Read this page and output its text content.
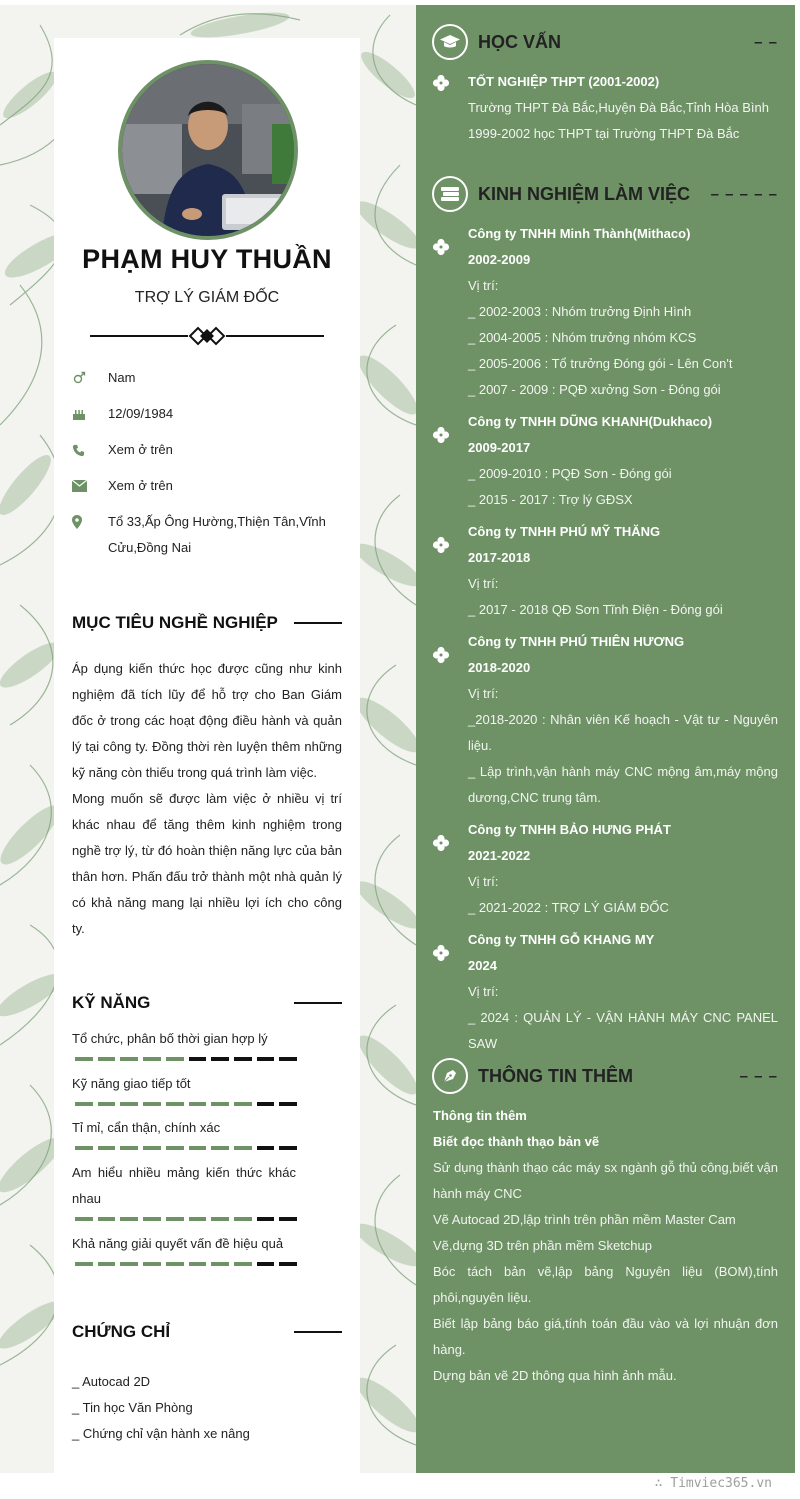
PHẠM HUY THUẦN
TRỢ LÝ GIÁM ĐỐC
Nam
12/09/1984
Xem ở trên
Xem ở trên
Tổ 33,Ấp Ông Hường,Thiện Tân,Vĩnh Cửu,Đồng Nai
MỤC TIÊU NGHỀ NGHIỆP
Áp dụng kiến thức học được cũng như kinh nghiệm đã tích lũy để hỗ trợ cho Ban Giám đốc ở trong các hoạt động điều hành và quản lý tại công ty. Đồng thời rèn luyện thêm những kỹ năng còn thiếu trong quá trình làm việc.
Mong muốn sẽ được làm việc ở nhiều vị trí khác nhau để tăng thêm kinh nghiệm trong nghề trợ lý, từ đó hoàn thiện năng lực của bản thân hơn. Phấn đấu trở thành một nhà quản lý có khả năng mang lại nhiều lợi ích cho công ty.
KỸ NĂNG
Tổ chức, phân bố thời gian hợp lý
Kỹ năng giao tiếp tốt
Tỉ mỉ, cẩn thận, chính xác
Am hiểu nhiều mảng kiến thức khác nhau
Khả năng giải quyết vấn đề hiệu quả
CHỨNG CHỈ
_ Autocad 2D
_ Tin học Văn Phòng
_ Chứng chỉ vận hành xe nâng
HỌC VẤN	– –
TỐT NGHIỆP THPT (2001-2002)
Trường THPT Đà Bắc,Huyện Đà Bắc,Tỉnh Hòa Bình
1999-2002 học THPT tại Trường THPT Đà Bắc
KINH NGHIỆM LÀM VIỆC	– – – – –
Công ty TNHH Minh Thành(Mithaco)
2002-2009
Vị trí:
_ 2002-2003 : Nhóm trưởng Định Hình
_ 2004-2005 : Nhóm trưởng nhóm KCS
_ 2005-2006 : Tổ trưởng Đóng gói - Lên Con't
_ 2007 - 2009 : PQĐ xưởng Sơn - Đóng gói
Công ty TNHH DŨNG KHANH(Dukhaco)
2009-2017
_ 2009-2010 : PQĐ Sơn - Đóng gói
_ 2015 - 2017 : Trợ lý GĐSX
Công ty TNHH PHÚ MỸ THĂNG
2017-2018
Vị trí:
_ 2017 - 2018 QĐ Sơn Tĩnh Điện - Đóng gói
Công ty TNHH PHÚ THIÊN HƯƠNG
2018-2020
Vị trí:
_2018-2020 : Nhân viên Kế hoạch - Vật tư - Nguyên liệu.
_ Lập trình,vận hành máy CNC mộng âm,máy mộng dương,CNC trung tâm.
Công ty TNHH BẢO HƯNG PHÁT
2021-2022
Vị trí:
_ 2021-2022 : TRỢ LÝ GIÁM ĐỐC
Công ty TNHH GỖ KHANG MY
2024
Vị trí:
_ 2024 : QUẢN LÝ - VẬN HÀNH MÁY CNC PANEL SAW
THÔNG TIN THÊM	– – –
Thông tin thêm
Biết đọc thành thạo bản vẽ
Sử dụng thành thạo các máy sx ngành gỗ thủ công,biết vận hành máy CNC
Vẽ Autocad 2D,lập trình trên phần mềm Master Cam
Vẽ,dựng 3D trên phần mềm Sketchup
Bóc tách bản vẽ,lập bảng Nguyên liệu (BOM),tính phôi,nguyên liệu.
Biết lập bảng báo giá,tính toán đầu vào và lợi nhuận đơn hàng.
Dựng bản vẽ 2D thông qua hình ảnh mẫu.
∴ Timviec365.vn
